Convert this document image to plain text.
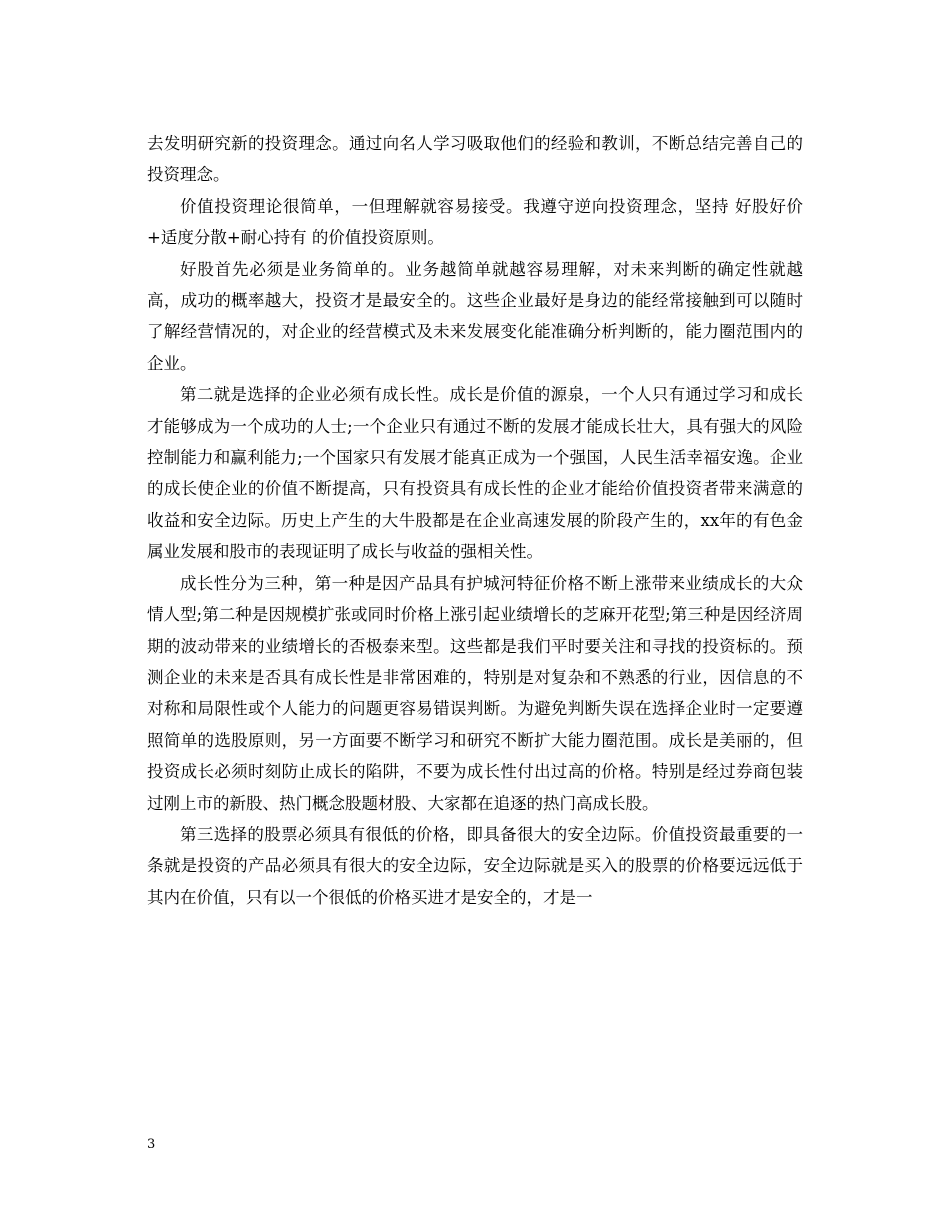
去发明研究新的投资理念。通过向名人学习吸取他们的经验和教训，不断总结完善自己的投资理念。

价值投资理论很简单，一但理解就容易接受。我遵守逆向投资理念，坚持 好股好价+适度分散+耐心持有 的价值投资原则。

好股首先必须是业务简单的。业务越简单就越容易理解，对未来判断的确定性就越高，成功的概率越大，投资才是最安全的。这些企业最好是身边的能经常接触到可以随时了解经营情况的，对企业的经营模式及未来发展变化能准确分析判断的，能力圈范围内的企业。

第二就是选择的企业必须有成长性。成长是价值的源泉，一个人只有通过学习和成长才能够成为一个成功的人士;一个企业只有通过不断的发展才能成长壮大，具有强大的风险控制能力和赢利能力;一个国家只有发展才能真正成为一个强国，人民生活幸福安逸。企业的成长使企业的价值不断提高，只有投资具有成长性的企业才能给价值投资者带来满意的收益和安全边际。历史上产生的大牛股都是在企业高速发展的阶段产生的，xx年的有色金属业发展和股市的表现证明了成长与收益的强相关性。

成长性分为三种，第一种是因产品具有护城河特征价格不断上涨带来业绩成长的大众情人型;第二种是因规模扩张或同时价格上涨引起业绩增长的芝麻开花型;第三种是因经济周期的波动带来的业绩增长的否极泰来型。这些都是我们平时要关注和寻找的投资标的。预测企业的未来是否具有成长性是非常困难的，特别是对复杂和不熟悉的行业，因信息的不对称和局限性或个人能力的问题更容易错误判断。为避免判断失误在选择企业时一定要遵照简单的选股原则，另一方面要不断学习和研究不断扩大能力圈范围。成长是美丽的，但投资成长必须时刻防止成长的陷阱，不要为成长性付出过高的价格。特别是经过券商包装过刚上市的新股、热门概念股题材股、大家都在追逐的热门高成长股。

第三选择的股票必须具有很低的价格，即具备很大的安全边际。价值投资最重要的一条就是投资的产品必须具有很大的安全边际，安全边际就是买入的股票的价格要远远低于其内在价值，只有以一个很低的价格买进才是安全的，才是一

3
